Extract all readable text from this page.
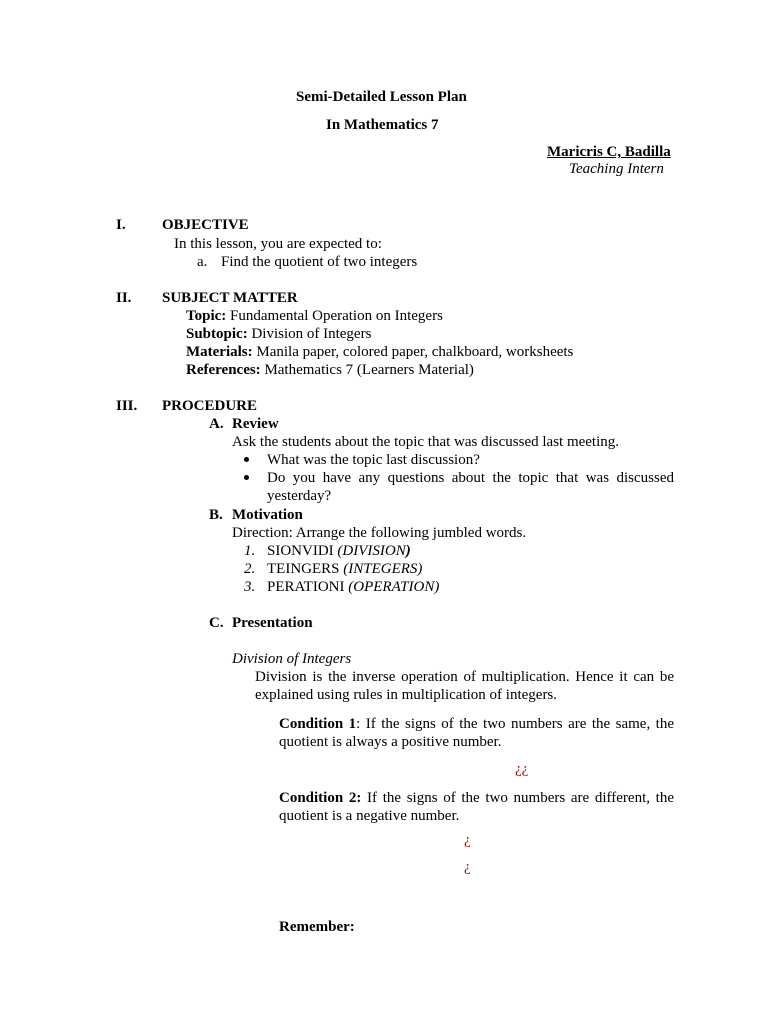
Semi-Detailed Lesson Plan
In Mathematics 7
Maricris C, Badilla
Teaching Intern
I. OBJECTIVE
In this lesson, you are expected to:
a. Find the quotient of two integers
II. SUBJECT MATTER
Topic: Fundamental Operation on Integers
Subtopic: Division of Integers
Materials: Manila paper, colored paper, chalkboard, worksheets
References: Mathematics 7 (Learners Material)
III. PROCEDURE
A. Review
Ask the students about the topic that was discussed last meeting.
What was the topic last discussion?
Do you have any questions about the topic that was discussed yesterday?
B. Motivation
Direction: Arrange the following jumbled words.
1. SIONVIDI (DIVISION)
2. TEINGERS (INTEGERS)
3. PERATIONI (OPERATION)
C. Presentation
Division of Integers
Division is the inverse operation of multiplication. Hence it can be explained using rules in multiplication of integers.
Condition 1: If the signs of the two numbers are the same, the quotient is always a positive number.
¿¿
Condition 2: If the signs of the two numbers are different, the quotient is a negative number.
¿
¿
Remember:
